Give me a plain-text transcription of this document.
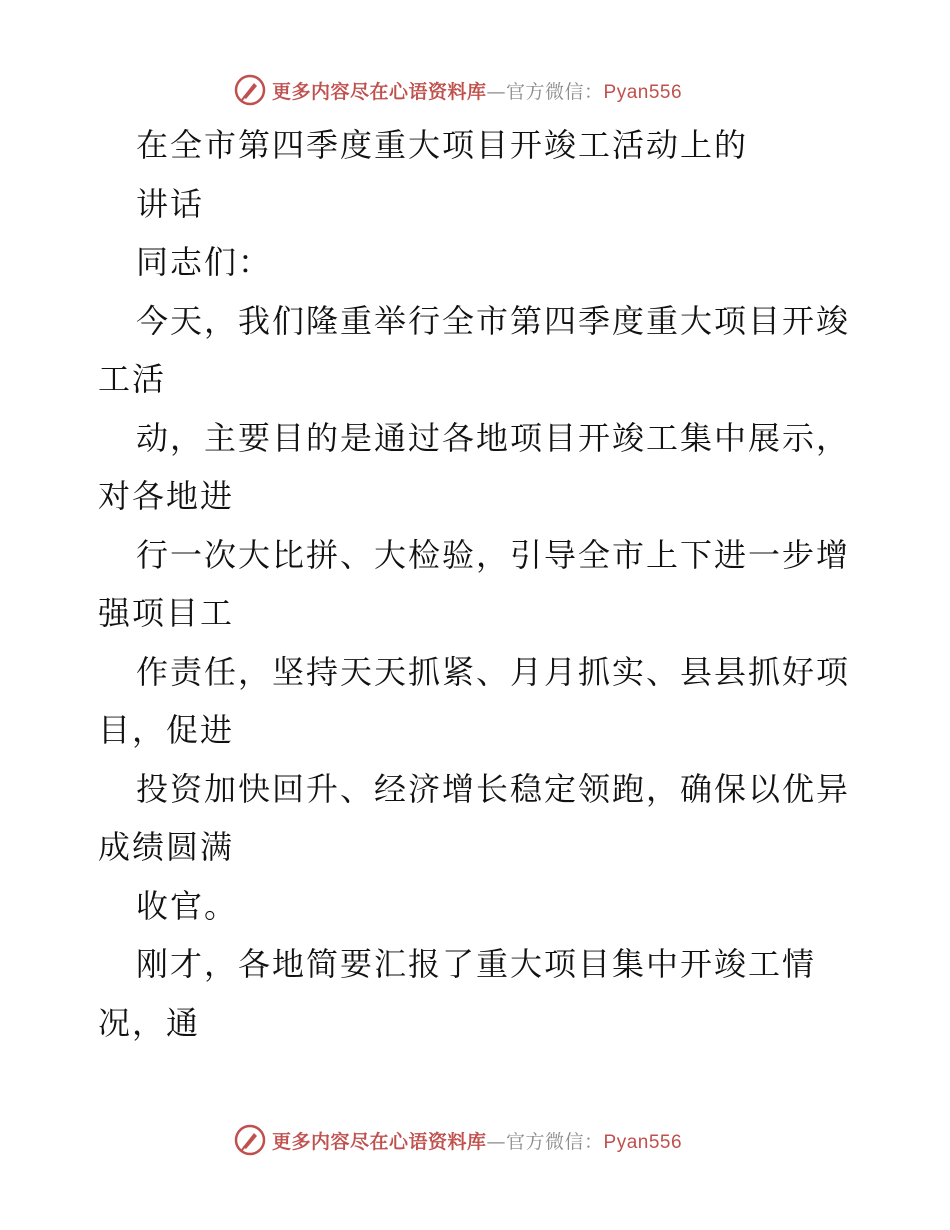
更多内容尽在心语资料库—官方微信：Pyan556
在全市第四季度重大项目开竣工活动上的
讲话
同志们：
今天，我们隆重举行全市第四季度重大项目开竣
工活
动，主要目的是通过各地项目开竣工集中展示，
对各地进
行一次大比拼、大检验，引导全市上下进一步增
强项目工
作责任，坚持天天抓紧、月月抓实、县县抓好项
目，促进
投资加快回升、经济增长稳定领跑，确保以优异
成绩圆满
收官。
刚才，各地简要汇报了重大项目集中开竣工情
况，通
更多内容尽在心语资料库—官方微信：Pyan556
